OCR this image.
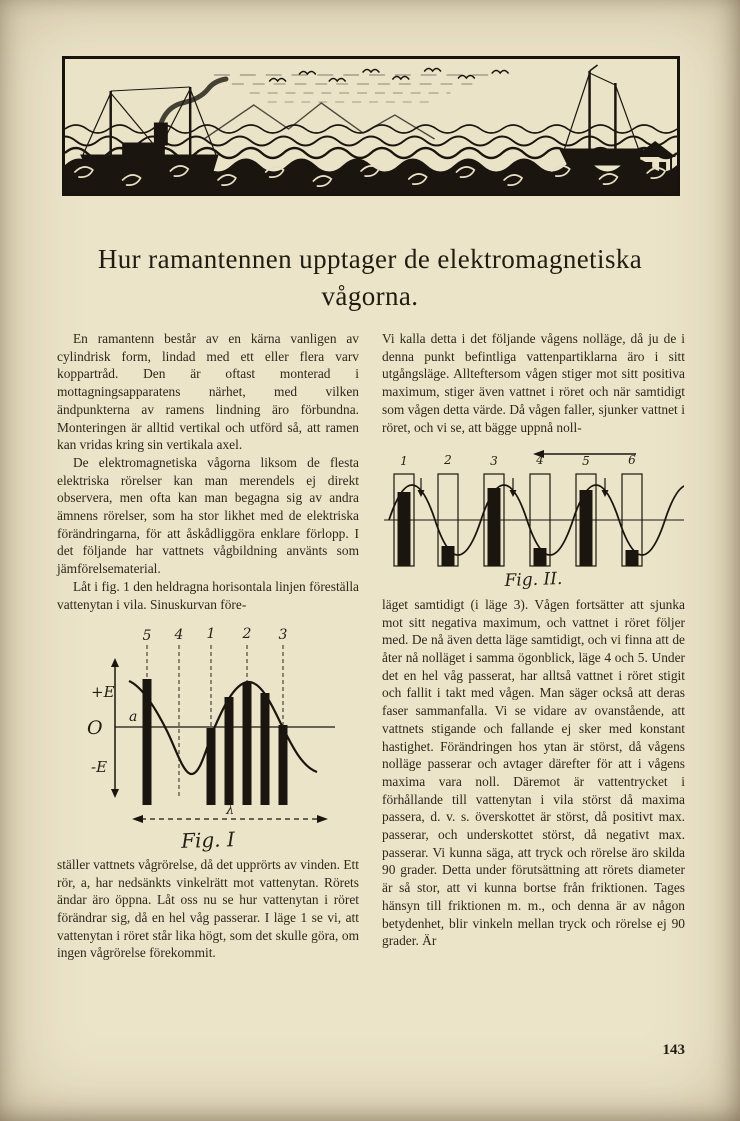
Hur ramantennen upptager de elektromagnetiska
vågorna.

En ramantenn består av en kärna vanligen av cylindrisk form, lindad med ett eller flera varv koppartråd. Den är oftast monterad i mottagningsapparatens närhet, med vilken ändpunkterna av ramens lindning äro förbundna. Monteringen är alltid vertikal och utförd så, att ramen kan vridas kring sin vertikala axel.

De elektromagnetiska vågorna liksom de flesta elektriska rörelser kan man merendels ej direkt observera, men ofta kan man begagna sig av andra ämnens rörelser, som ha stor likhet med de elektriska förändringarna, för att åskådliggöra enklare förlopp. I det följande har vattnets vågbildning använts som jämförelsematerial.

Låt i fig. 1 den heldragna horisontala linjen föreställa vattenytan i vila. Sinuskurvan före-

5 4 1 2 3
+E
O
-E
a
λ
Fig. I

ställer vattnets vågrörelse, då det upprörts av vinden. Ett rör, a, har nedsänkts vinkelrätt mot vattenytan. Rörets ändar äro öppna. Låt oss nu se hur vattenytan i röret förändrar sig, då en hel våg passerar. I läge 1 se vi, att vattenytan i röret står lika högt, som det skulle göra, om ingen vågrörelse förekommit.

Vi kalla detta i det följande vågens nolläge, då ju de i denna punkt befintliga vattenpartiklarna äro i sitt utgångsläge. Allteftersom vågen stiger mot sitt positiva maximum, stiger även vattnet i röret och när samtidigt som vågen detta värde. Då vågen faller, sjunker vattnet i röret, och vi se, att bägge uppnå noll-

1	2	3	4	5	6
Fig. II.

läget samtidigt (i läge 3). Vågen fortsätter att sjunka mot sitt negativa maximum, och vattnet i röret följer med. De nå även detta läge samtidigt, och vi finna att de åter nå nolläget i samma ögonblick, läge 4 och 5. Under det en hel våg passerat, har alltså vattnet i röret stigit och fallit i takt med vågen. Man säger också att deras faser sammanfalla. Vi se vidare av ovanstående, att vattnets stigande och fallande ej sker med konstant hastighet. Förändringen hos ytan är störst, då vågens nolläge passerar och avtager därefter för att i vågens maxima vara noll. Däremot är vattentrycket i förhållande till vattenytan i vila störst då maxima passera, d. v. s. överskottet är störst, då positivt max. passerar, och underskottet störst, då negativt max. passerar. Vi kunna säga, att tryck och rörelse äro skilda 90 grader. Detta under förutsättning att rörets diameter är så stor, att vi kunna bortse från friktionen. Tages hänsyn till friktionen m. m., och denna är av någon betydenhet, blir vinkeln mellan tryck och rörelse ej 90 grader. Är

143
